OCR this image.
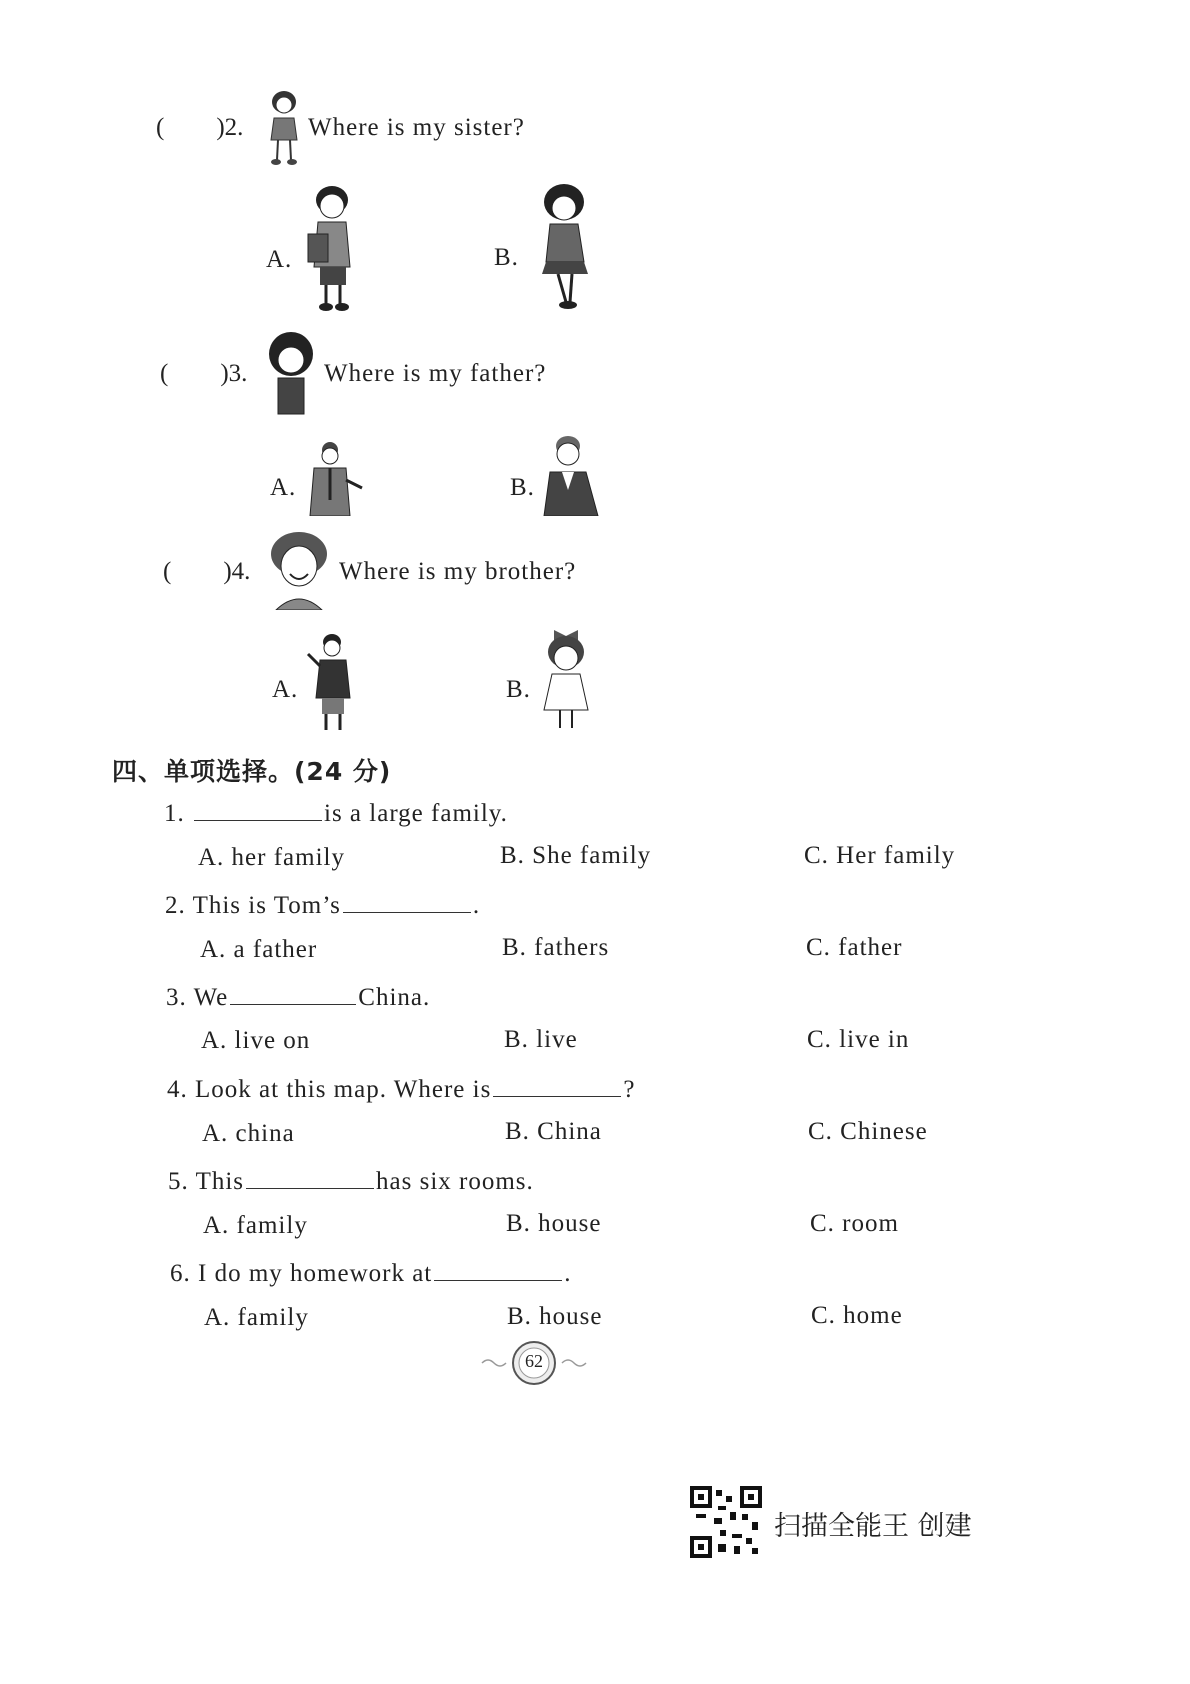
( )2.	Where is my sister?
A.	B.
( )3.	Where is my father?
A.	B.
( )4.	Where is my brother?
A.	B.
四、单项选择。(24 分)
1.	is a large family.
A. her family	B. She family	C. Her family
2. This is Tom’s	.
A. a father	B. fathers	C. father
3. We	China.
A. live on	B. live	C. live in
4. Look at this map. Where is	?
A. china	B. China	C. Chinese
5. This	has six rooms.
A. family	B. house	C. room
6. I do my homework at	.
A. family	B. house	C. home
62
扫描全能王 创建
